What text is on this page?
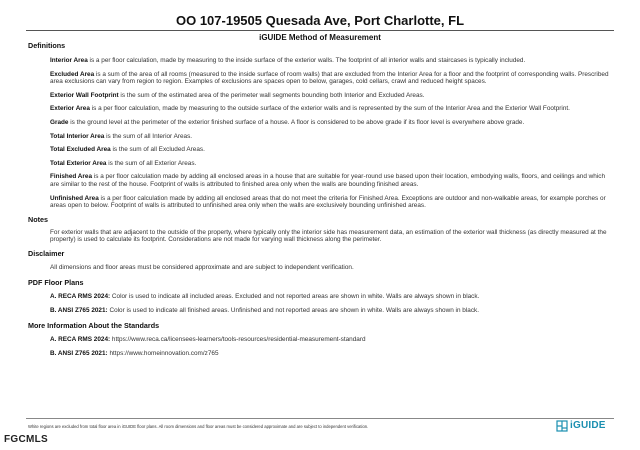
OO 107-19505 Quesada Ave, Port Charlotte, FL
iGUIDE Method of Measurement
Definitions
Interior Area is a per floor calculation, made by measuring to the inside surface of the exterior walls. The footprint of all interior walls and staircases is typically included.
Excluded Area is a sum of the area of all rooms (measured to the inside surface of room walls) that are excluded from the Interior Area for a floor and the footprint of corresponding walls. Prescribed area exclusions can vary from region to region. Examples of exclusions are spaces open to below, garages, cold cellars, crawl and reduced height spaces.
Exterior Wall Footprint is the sum of the estimated area of the perimeter wall segments bounding both Interior and Excluded Areas.
Exterior Area is a per floor calculation, made by measuring to the outside surface of the exterior walls and is represented by the sum of the Interior Area and the Exterior Wall Footprint.
Grade is the ground level at the perimeter of the exterior finished surface of a house. A floor is considered to be above grade if its floor level is everywhere above grade.
Total Interior Area is the sum of all Interior Areas.
Total Excluded Area is the sum of all Excluded Areas.
Total Exterior Area is the sum of all Exterior Areas.
Finished Area is a per floor calculation made by adding all enclosed areas in a house that are suitable for year-round use based upon their location, embodying walls, floors, and ceilings and which are similar to the rest of the house. Footprint of walls is attributed to finished area only when the walls are bounding finished areas.
Unfinished Area is a per floor calculation made by adding all enclosed areas that do not meet the criteria for Finished Area. Exceptions are outdoor and non-walkable areas, for example porches or areas open to below. Footprint of walls is attributed to unfinished area only when the walls are exclusively bounding unfinished areas.
Notes
For exterior walls that are adjacent to the outside of the property, where typically only the interior side has measurement data, an estimation of the exterior wall thickness (as directly measured at the property) is used to calculate its footprint. Considerations are not made for varying wall thickness along the perimeter.
Disclaimer
All dimensions and floor areas must be considered approximate and are subject to independent verification.
PDF Floor Plans
A. RECA RMS 2024: Color is used to indicate all included areas. Excluded and not reported areas are shown in white. Walls are always shown in black.
B. ANSI Z765 2021: Color is used to indicate all finished areas. Unfinished and not reported areas are shown in white. Walls are always shown in black.
More Information About the Standards
A. RECA RMS 2024: https://www.reca.ca/licensees-learners/tools-resources/residential-measurement-standard
B. ANSI Z765 2021: https://www.homeinnovation.com/z765
White regions are excluded from total floor area in iGUIDE floor plans. All room dimensions and floor areas must be considered approximate and are subject to independent verification.	iGUIDE
FGCMLS
